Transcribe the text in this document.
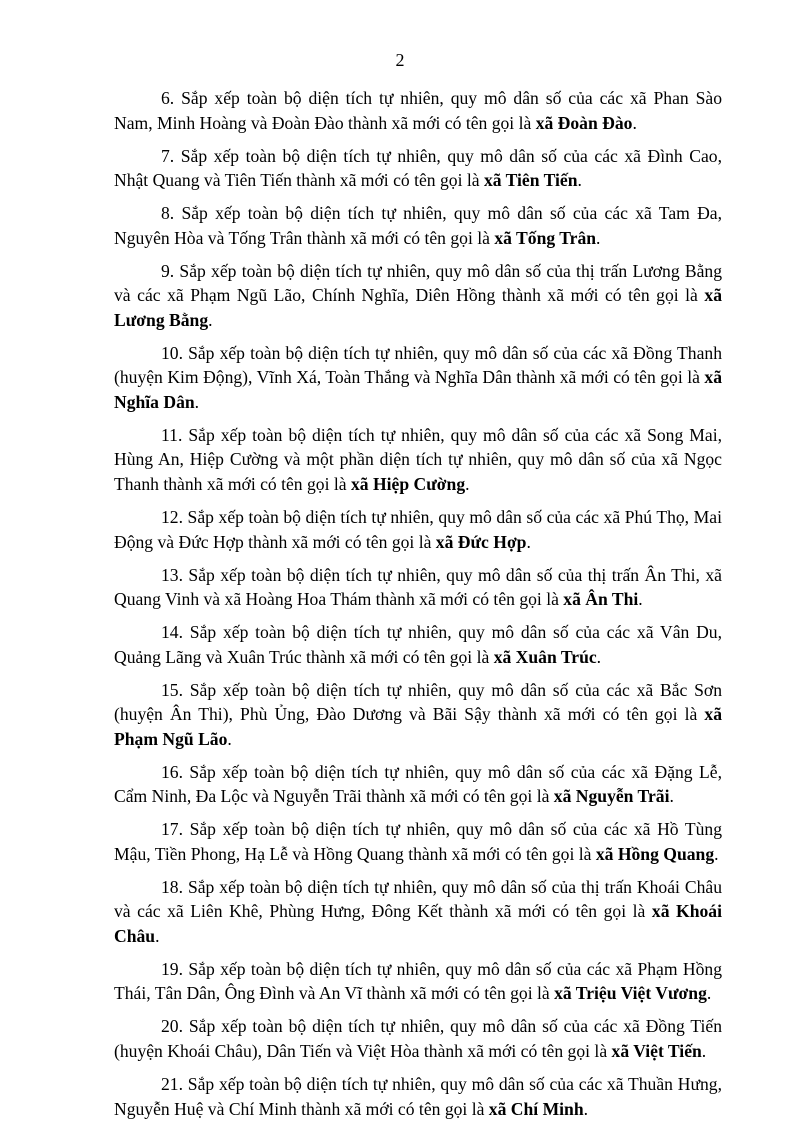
2

6. Sắp xếp toàn bộ diện tích tự nhiên, quy mô dân số của các xã Phan Sào Nam, Minh Hoàng và Đoàn Đào thành xã mới có tên gọi là xã Đoàn Đào.

7. Sắp xếp toàn bộ diện tích tự nhiên, quy mô dân số của các xã Đình Cao, Nhật Quang và Tiên Tiến thành xã mới có tên gọi là xã Tiên Tiến.

8. Sắp xếp toàn bộ diện tích tự nhiên, quy mô dân số của các xã Tam Đa, Nguyên Hòa và Tống Trân thành xã mới có tên gọi là xã Tống Trân.

9. Sắp xếp toàn bộ diện tích tự nhiên, quy mô dân số của thị trấn Lương Bằng và các xã Phạm Ngũ Lão, Chính Nghĩa, Diên Hồng thành xã mới có tên gọi là xã Lương Bằng.

10. Sắp xếp toàn bộ diện tích tự nhiên, quy mô dân số của các xã Đồng Thanh (huyện Kim Động), Vĩnh Xá, Toàn Thắng và Nghĩa Dân thành xã mới có tên gọi là xã Nghĩa Dân.

11. Sắp xếp toàn bộ diện tích tự nhiên, quy mô dân số của các xã Song Mai, Hùng An, Hiệp Cường và một phần diện tích tự nhiên, quy mô dân số của xã Ngọc Thanh thành xã mới có tên gọi là xã Hiệp Cường.

12. Sắp xếp toàn bộ diện tích tự nhiên, quy mô dân số của các xã Phú Thọ, Mai Động và Đức Hợp thành xã mới có tên gọi là xã Đức Hợp.

13. Sắp xếp toàn bộ diện tích tự nhiên, quy mô dân số của thị trấn Ân Thi, xã Quang Vinh và xã Hoàng Hoa Thám thành xã mới có tên gọi là xã Ân Thi.

14. Sắp xếp toàn bộ diện tích tự nhiên, quy mô dân số của các xã Vân Du, Quảng Lãng và Xuân Trúc thành xã mới có tên gọi là xã Xuân Trúc.

15. Sắp xếp toàn bộ diện tích tự nhiên, quy mô dân số của các xã Bắc Sơn (huyện Ân Thi), Phù Ủng, Đào Dương và Bãi Sậy thành xã mới có tên gọi là xã Phạm Ngũ Lão.

16. Sắp xếp toàn bộ diện tích tự nhiên, quy mô dân số của các xã Đặng Lễ, Cẩm Ninh, Đa Lộc và Nguyễn Trãi thành xã mới có tên gọi là xã Nguyễn Trãi.

17. Sắp xếp toàn bộ diện tích tự nhiên, quy mô dân số của các xã Hồ Tùng Mậu, Tiền Phong, Hạ Lễ và Hồng Quang thành xã mới có tên gọi là xã Hồng Quang.

18. Sắp xếp toàn bộ diện tích tự nhiên, quy mô dân số của thị trấn Khoái Châu và các xã Liên Khê, Phùng Hưng, Đông Kết thành xã mới có tên gọi là xã Khoái Châu.

19. Sắp xếp toàn bộ diện tích tự nhiên, quy mô dân số của các xã Phạm Hồng Thái, Tân Dân, Ông Đình và An Vĩ thành xã mới có tên gọi là xã Triệu Việt Vương.

20. Sắp xếp toàn bộ diện tích tự nhiên, quy mô dân số của các xã Đồng Tiến (huyện Khoái Châu), Dân Tiến và Việt Hòa thành xã mới có tên gọi là xã Việt Tiến.

21. Sắp xếp toàn bộ diện tích tự nhiên, quy mô dân số của các xã Thuần Hưng, Nguyễn Huệ và Chí Minh thành xã mới có tên gọi là xã Chí Minh.
